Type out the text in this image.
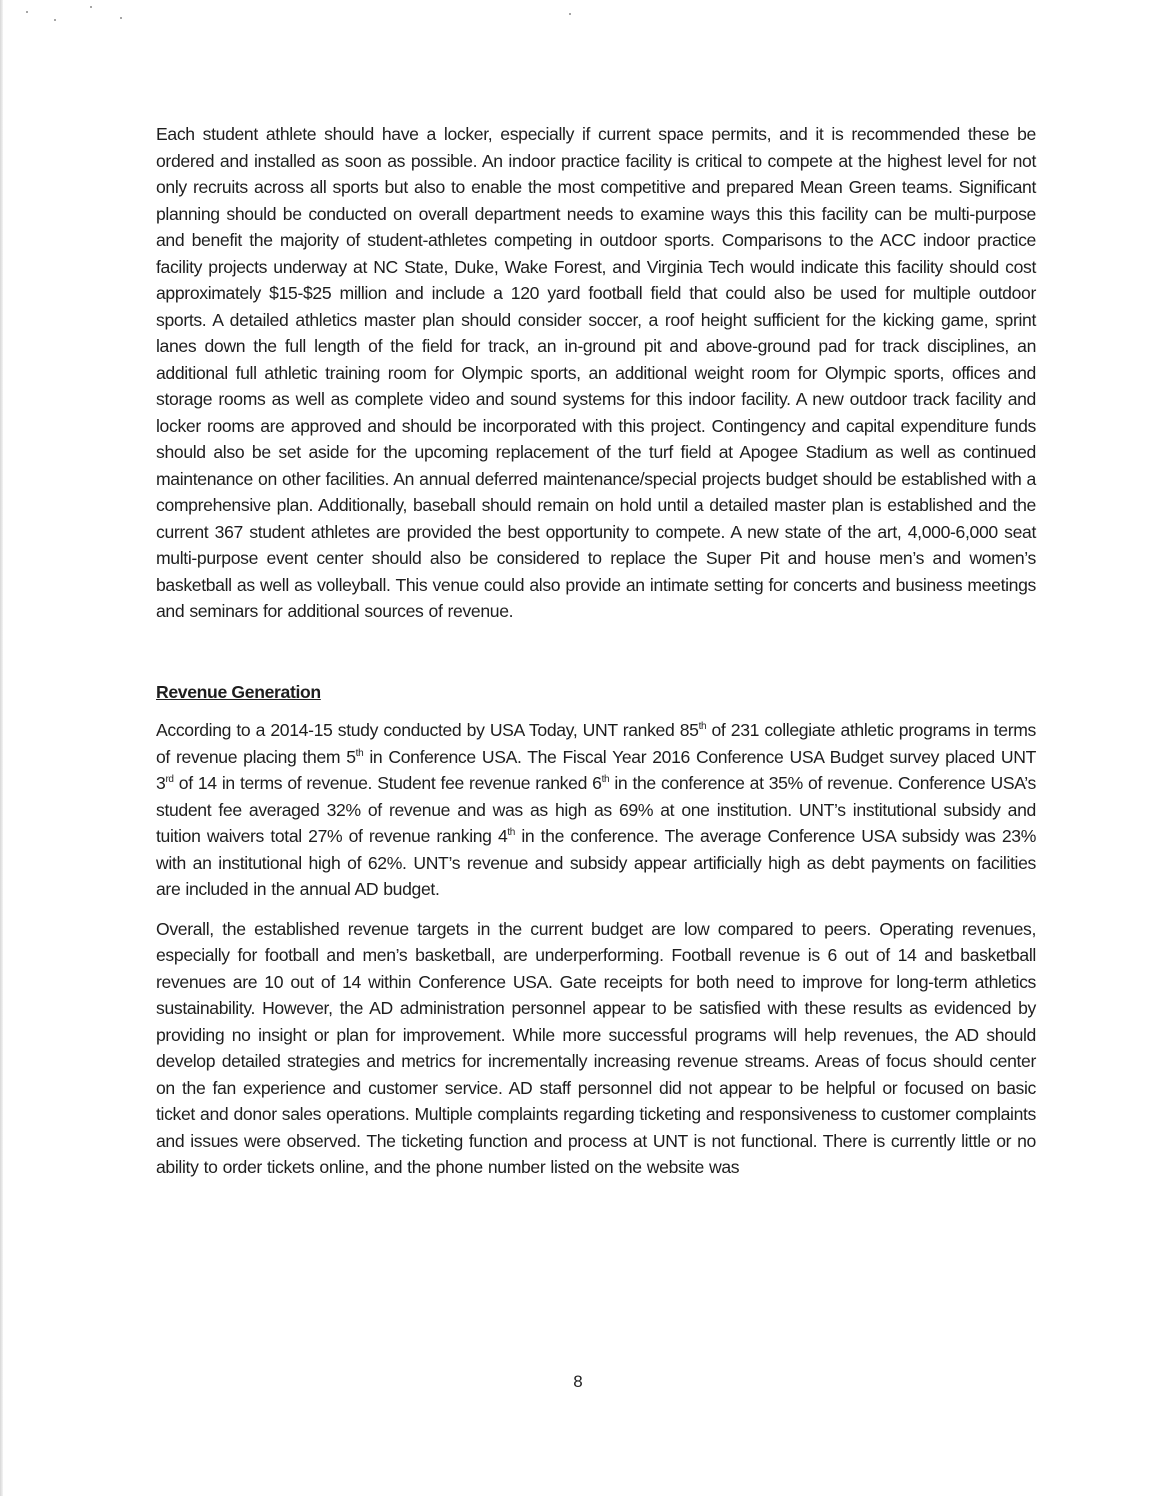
Each student athlete should have a locker, especially if current space permits, and it is recommended these be ordered and installed as soon as possible. An indoor practice facility is critical to compete at the highest level for not only recruits across all sports but also to enable the most competitive and prepared Mean Green teams. Significant planning should be conducted on overall department needs to examine ways this this facility can be multi-purpose and benefit the majority of student-athletes competing in outdoor sports. Comparisons to the ACC indoor practice facility projects underway at NC State, Duke, Wake Forest, and Virginia Tech would indicate this facility should cost approximately $15-$25 million and include a 120 yard football field that could also be used for multiple outdoor sports. A detailed athletics master plan should consider soccer, a roof height sufficient for the kicking game, sprint lanes down the full length of the field for track, an in-ground pit and above-ground pad for track disciplines, an additional full athletic training room for Olympic sports, an additional weight room for Olympic sports, offices and storage rooms as well as complete video and sound systems for this indoor facility. A new outdoor track facility and locker rooms are approved and should be incorporated with this project. Contingency and capital expenditure funds should also be set aside for the upcoming replacement of the turf field at Apogee Stadium as well as continued maintenance on other facilities. An annual deferred maintenance/special projects budget should be established with a comprehensive plan. Additionally, baseball should remain on hold until a detailed master plan is established and the current 367 student athletes are provided the best opportunity to compete. A new state of the art, 4,000-6,000 seat multi-purpose event center should also be considered to replace the Super Pit and house men’s and women’s basketball as well as volleyball. This venue could also provide an intimate setting for concerts and business meetings and seminars for additional sources of revenue.

Revenue Generation

According to a 2014-15 study conducted by USA Today, UNT ranked 85th of 231 collegiate athletic programs in terms of revenue placing them 5th in Conference USA. The Fiscal Year 2016 Conference USA Budget survey placed UNT 3rd of 14 in terms of revenue. Student fee revenue ranked 6th in the conference at 35% of revenue. Conference USA’s student fee averaged 32% of revenue and was as high as 69% at one institution. UNT’s institutional subsidy and tuition waivers total 27% of revenue ranking 4th in the conference. The average Conference USA subsidy was 23% with an institutional high of 62%. UNT’s revenue and subsidy appear artificially high as debt payments on facilities are included in the annual AD budget.

Overall, the established revenue targets in the current budget are low compared to peers. Operating revenues, especially for football and men’s basketball, are underperforming. Football revenue is 6 out of 14 and basketball revenues are 10 out of 14 within Conference USA. Gate receipts for both need to improve for long-term athletics sustainability. However, the AD administration personnel appear to be satisfied with these results as evidenced by providing no insight or plan for improvement. While more successful programs will help revenues, the AD should develop detailed strategies and metrics for incrementally increasing revenue streams. Areas of focus should center on the fan experience and customer service. AD staff personnel did not appear to be helpful or focused on basic ticket and donor sales operations. Multiple complaints regarding ticketing and responsiveness to customer complaints and issues were observed. The ticketing function and process at UNT is not functional. There is currently little or no ability to order tickets online, and the phone number listed on the website was

8
